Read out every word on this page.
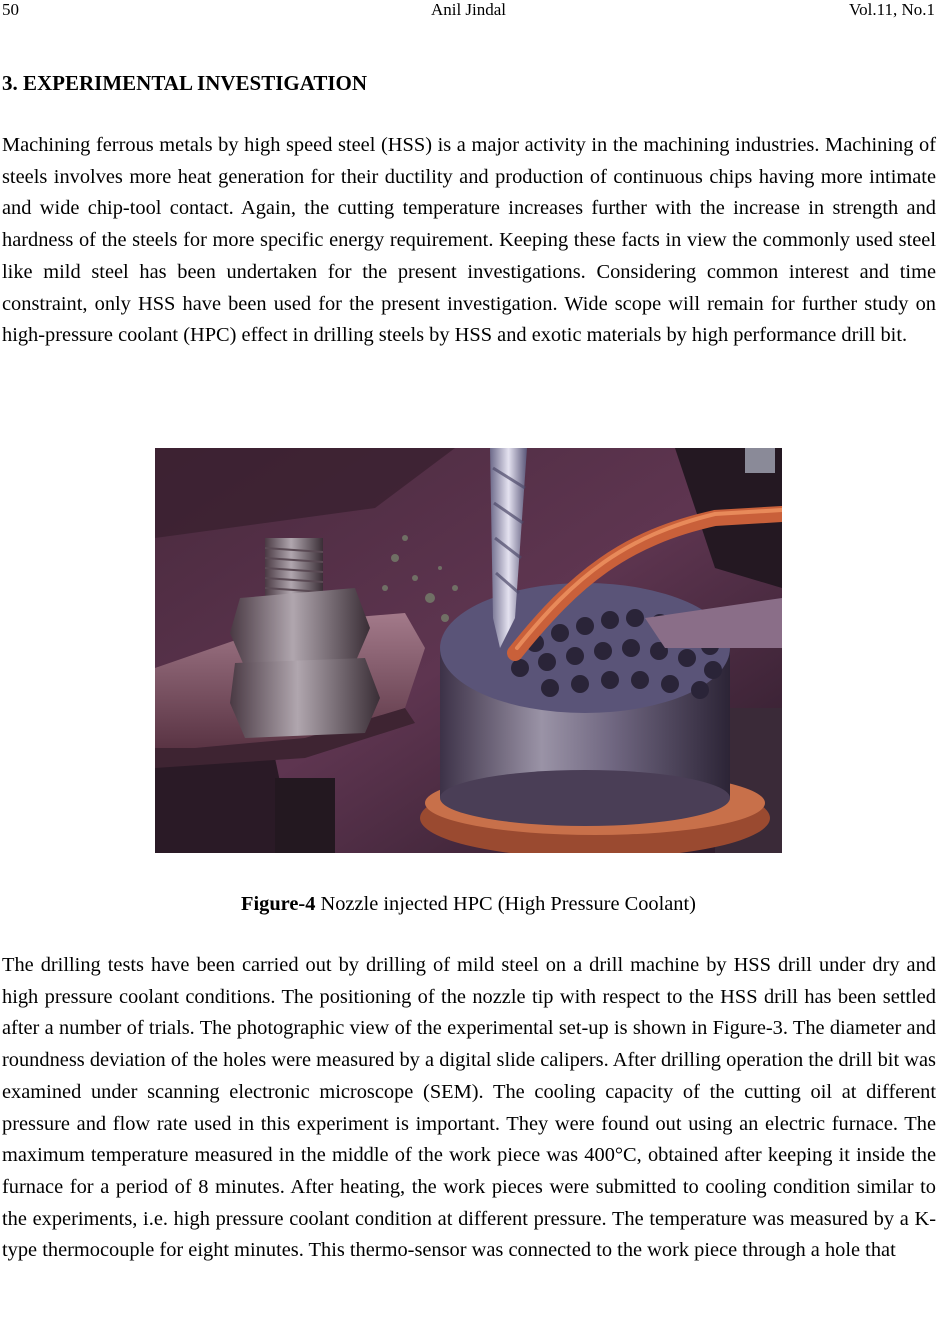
50	Anil Jindal	Vol.11, No.1
3. EXPERIMENTAL INVESTIGATION

Machining ferrous metals by high speed steel (HSS) is a major activity in the machining industries. Machining of steels involves more heat generation for their ductility and production of continuous chips having more intimate and wide chip-tool contact. Again, the cutting temperature increases further with the increase in strength and hardness of the steels for more specific energy requirement. Keeping these facts in view the commonly used steel like mild steel has been undertaken for the present investigations. Considering common interest and time constraint, only HSS have been used for the present investigation. Wide scope will remain for further study on high-pressure coolant (HPC) effect in drilling steels by HSS and exotic materials by high performance drill bit.

Figure-4 Nozzle injected HPC (High Pressure Coolant)

The drilling tests have been carried out by drilling of mild steel on a drill machine by HSS drill under dry and high pressure coolant conditions. The positioning of the nozzle tip with respect to the HSS drill has been settled after a number of trials. The photographic view of the experimental set-up is shown in Figure-3. The diameter and roundness deviation of the holes were measured by a digital slide calipers. After drilling operation the drill bit was examined under scanning electronic microscope (SEM). The cooling capacity of the cutting oil at different pressure and flow rate used in this experiment is important. They were found out using an electric furnace. The maximum temperature measured in the middle of the work piece was 400°C, obtained after keeping it inside the furnace for a period of 8 minutes. After heating, the work pieces were submitted to cooling condition similar to the experiments, i.e. high pressure coolant condition at different pressure. The temperature was measured by a K-type thermocouple for eight minutes. This thermo-sensor was connected to the work piece through a hole that
